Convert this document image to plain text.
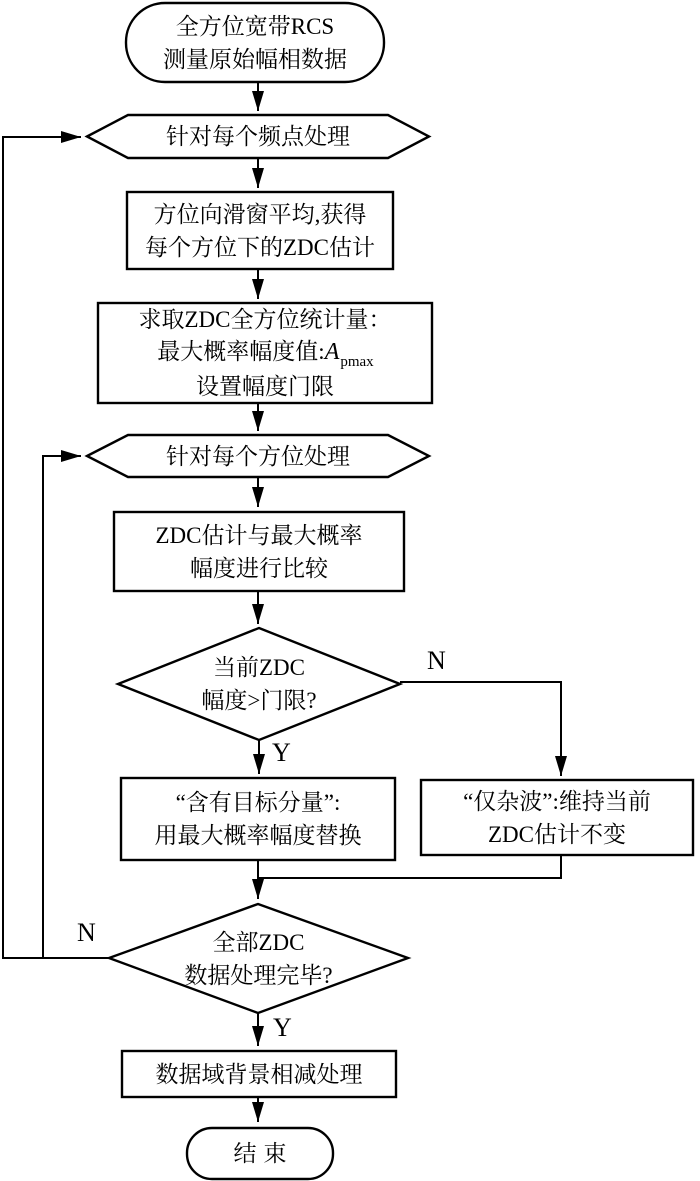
全方位宽带RCS
测量原始幅相数据
针对每个频点处理
方位向滑窗平均,获得
每个方位下的ZDC估计
求取ZDC全方位统计量：
最大概率幅度值$:A_{pmax}$
设置幅度门限
针对每个方位处理
ZDC估计与最大概率
幅度进行比较
当前ZDC
幅度>门限?
“含有目标分量”:
用最大概率幅度替换
“仅杂波”:维持当前
ZDC估计不变
全部ZDC
数据处理完毕?
数据域背景相减处理
结束
Y
N
Y
N
